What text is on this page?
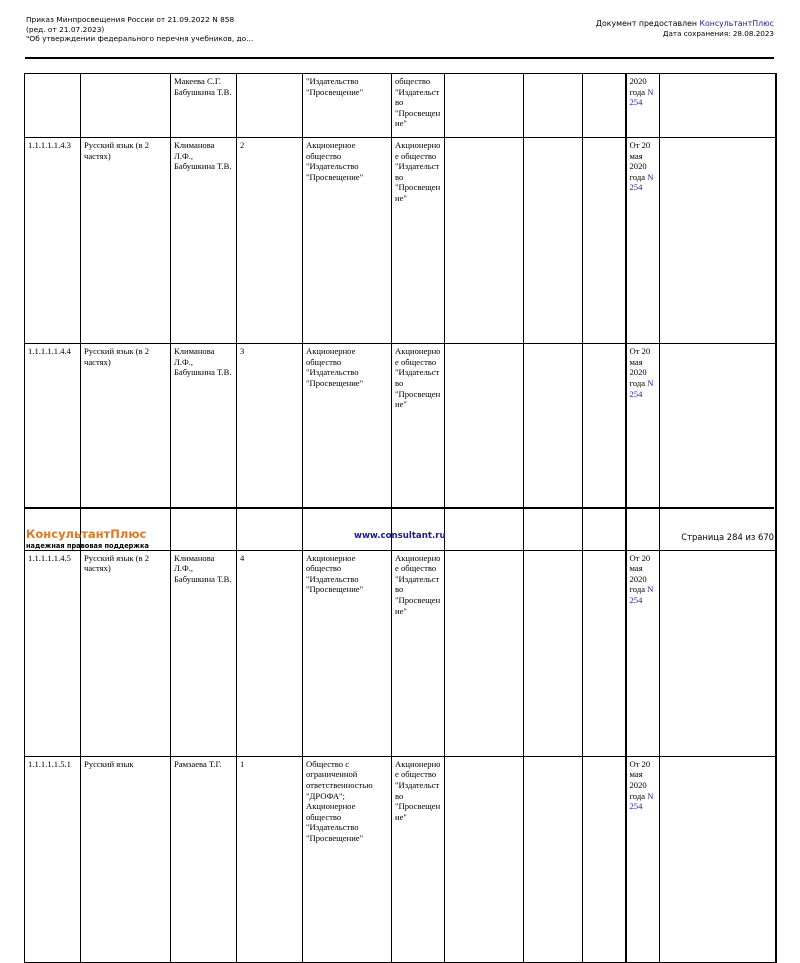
Приказ Минпросвещения России от 21.09.2022 N 858
(ред. от 21.07.2023)
"Об утверждении федерального перечня учебников, до...
Документ предоставлен КонсультантПлюс
Дата сохранения: 28.08.2023
		Макеева С.Г. Бабушкина Т.В.		"Издательство "Просвещение"	общество "Издательство "Просвещение"				2020 года N 254		
1.1.1.1.1.4.3	Русский язык (в 2 частях)	Климанова Л.Ф., Бабушкина Т.В.	2	Акционерное общество "Издательство "Просвещение"	Акционерное общество "Издательство "Просвещение"				От 20 мая 2020 года N 254		
1.1.1.1.1.4.4	Русский язык (в 2 частях)	Климанова Л.Ф., Бабушкина Т.В.	3	Акционерное общество "Издательство "Просвещение"	Акционерное общество "Издательство "Просвещение"				От 20 мая 2020 года N 254		
1.1.1.1.1.4.5	Русский язык (в 2 частях)	Климанова Л.Ф., Бабушкина Т.В.	4	Акционерное общество "Издательство "Просвещение"	Акционерное общество "Издательство "Просвещение"				От 20 мая 2020 года N 254		
1.1.1.1.1.5.1	Русский язык	Рамзаева Т.Г.	1	Общество с ограниченной ответственностью "ДРОФА"; Акционерное общество "Издательство "Просвещение"	Акционерное общество "Издательство "Просвещение"				От 20 мая 2020 года N 254		
КонсультантПлюс
надежная правовая поддержка
www.consultant.ru	Страница 284 из 670
